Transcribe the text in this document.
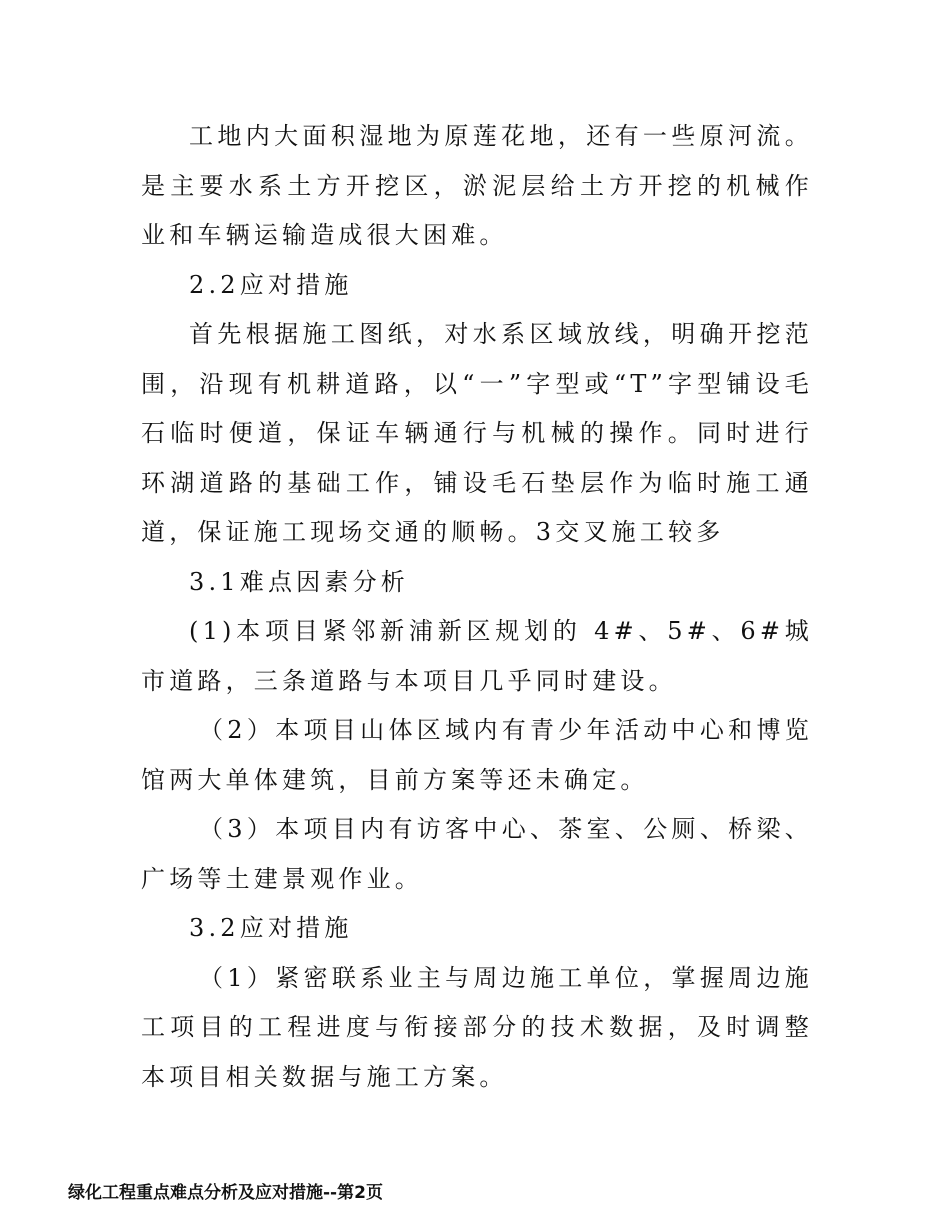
工地内大面积湿地为原莲花地，还有一些原河流。是主要水系土方开挖区，淤泥层给土方开挖的机械作业和车辆运输造成很大困难。

2.2应对措施

首先根据施工图纸，对水系区域放线，明确开挖范围，沿现有机耕道路，以“一”字型或“T”字型铺设毛石临时便道，保证车辆通行与机械的操作。同时进行环湖道路的基础工作，铺设毛石垫层作为临时施工通道，保证施工现场交通的顺畅。3交叉施工较多

3.1难点因素分析

(1)本项目紧邻新浦新区规划的 4#、5#、6#城市道路，三条道路与本项目几乎同时建设。

（2）本项目山体区域内有青少年活动中心和博览馆两大单体建筑，目前方案等还未确定。

（3）本项目内有访客中心、茶室、公厕、桥梁、广场等土建景观作业。

3.2应对措施

（1）紧密联系业主与周边施工单位，掌握周边施工项目的工程进度与衔接部分的技术数据，及时调整本项目相关数据与施工方案。

绿化工程重点难点分析及应对措施--第2页
